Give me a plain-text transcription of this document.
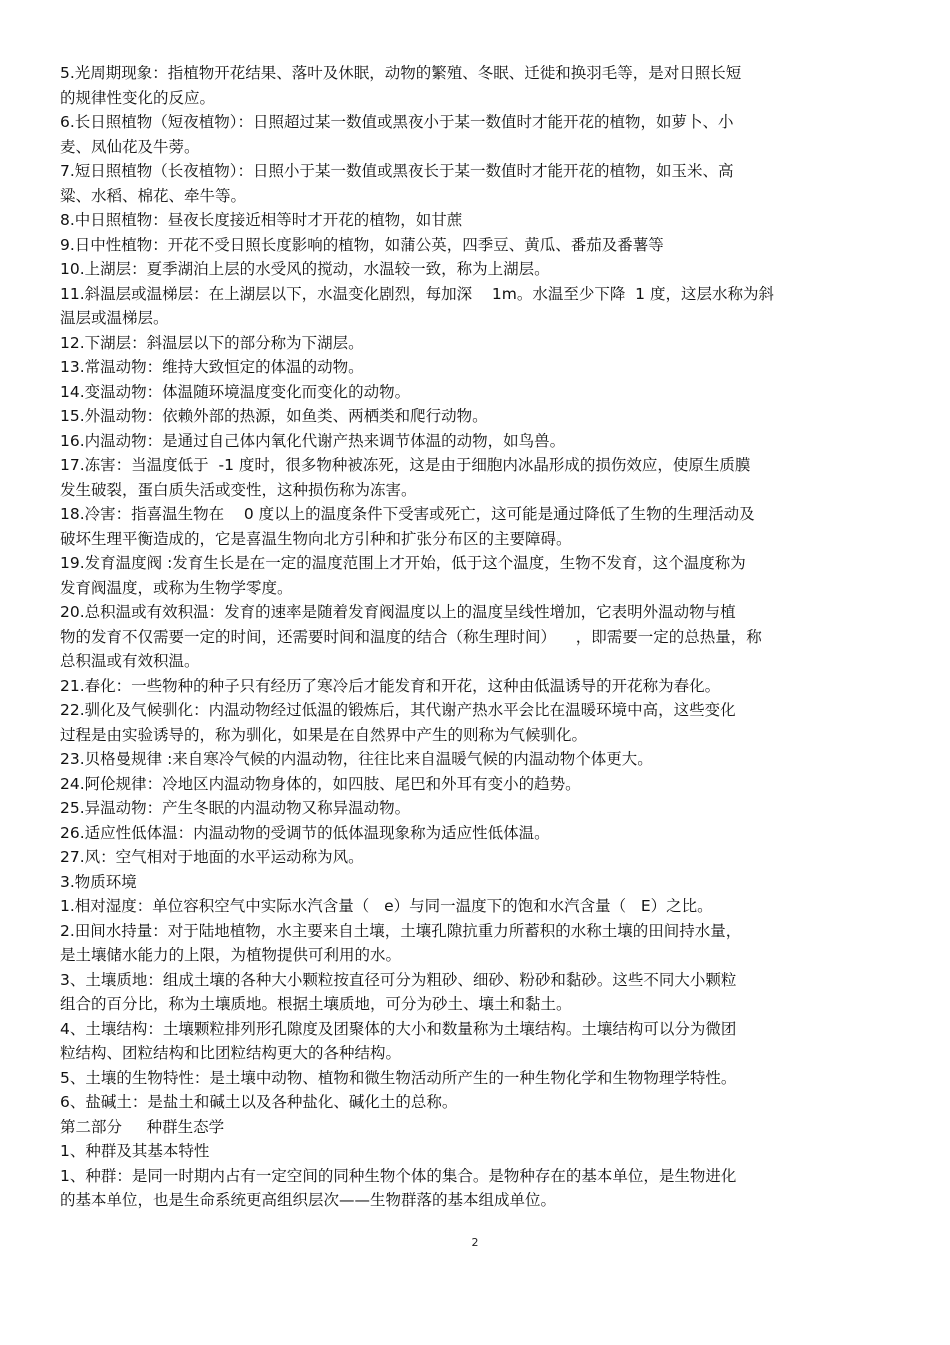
5.光周期现象：指植物开花结果、落叶及休眠，动物的繁殖、冬眠、迁徙和换羽毛等，是对日照长短
的规律性变化的反应。
6.长日照植物（短夜植物）：日照超过某一数值或黑夜小于某一数值时才能开花的植物，如萝卜、小
麦、凤仙花及牛蒡。
7.短日照植物（长夜植物）：日照小于某一数值或黑夜长于某一数值时才能开花的植物，如玉米、高
粱、水稻、棉花、牵牛等。
8.中日照植物：昼夜长度接近相等时才开花的植物，如甘蔗
9.日中性植物：开花不受日照长度影响的植物，如蒲公英，四季豆、黄瓜、番茄及番薯等
10.上湖层：夏季湖泊上层的水受风的搅动，水温较一致，称为上湖层。
11.斜温层或温梯层：在上湖层以下，水温变化剧烈，每加深    1m。水温至少下降  1 度，这层水称为斜
温层或温梯层。
12.下湖层：斜温层以下的部分称为下湖层。
13.常温动物：维持大致恒定的体温的动物。
14.变温动物：体温随环境温度变化而变化的动物。
15.外温动物：依赖外部的热源，如鱼类、两栖类和爬行动物。
16.内温动物：是通过自己体内氧化代谢产热来调节体温的动物，如鸟兽。
17.冻害：当温度低于  -1 度时，很多物种被冻死，这是由于细胞内冰晶形成的损伤效应，使原生质膜
发生破裂，蛋白质失活或变性，这种损伤称为冻害。
18.冷害：指喜温生物在    0 度以上的温度条件下受害或死亡，这可能是通过降低了生物的生理活动及
破坏生理平衡造成的，它是喜温生物向北方引种和扩张分布区的主要障碍。
19.发育温度阀 :发育生长是在一定的温度范围上才开始，低于这个温度，生物不发育，这个温度称为
发育阀温度，或称为生物学零度。
20.总积温或有效积温：发育的速率是随着发育阀温度以上的温度呈线性增加，它表明外温动物与植
物的发育不仅需要一定的时间，还需要时间和温度的结合（称生理时间）    ，即需要一定的总热量，称
总积温或有效积温。
21.春化：一些物种的种子只有经历了寒冷后才能发育和开花，这种由低温诱导的开花称为春化。
22.驯化及气候驯化：内温动物经过低温的锻炼后，其代谢产热水平会比在温暖环境中高，这些变化
过程是由实验诱导的，称为驯化，如果是在自然界中产生的则称为气候驯化。
23.贝格曼规律 :来自寒冷气候的内温动物，往往比来自温暖气候的内温动物个体更大。
24.阿伦规律：冷地区内温动物身体的，如四肢、尾巴和外耳有变小的趋势。
25.异温动物：产生冬眠的内温动物又称异温动物。
26.适应性低体温：内温动物的受调节的低体温现象称为适应性低体温。
27.风：空气相对于地面的水平运动称为风。
3.物质环境
1.相对湿度：单位容积空气中实际水汽含量（   e）与同一温度下的饱和水汽含量（   E）之比。
2.田间水持量：对于陆地植物，水主要来自土壤，土壤孔隙抗重力所蓄积的水称土壤的田间持水量，
是土壤储水能力的上限，为植物提供可利用的水。
3、土壤质地：组成土壤的各种大小颗粒按直径可分为粗砂、细砂、粉砂和黏砂。这些不同大小颗粒
组合的百分比，称为土壤质地。根据土壤质地，可分为砂土、壤土和黏土。
4、土壤结构：土壤颗粒排列形孔隙度及团聚体的大小和数量称为土壤结构。土壤结构可以分为微团
粒结构、团粒结构和比团粒结构更大的各种结构。
5、土壤的生物特性：是土壤中动物、植物和微生物活动所产生的一种生物化学和生物物理学特性。
6、盐碱土：是盐土和碱土以及各种盐化、碱化土的总称。
第二部分     种群生态学
1、种群及其基本特性
1、种群：是同一时期内占有一定空间的同种生物个体的集合。是物种存在的基本单位，是生物进化
的基本单位，也是生命系统更高组织层次——生物群落的基本组成单位。
2
